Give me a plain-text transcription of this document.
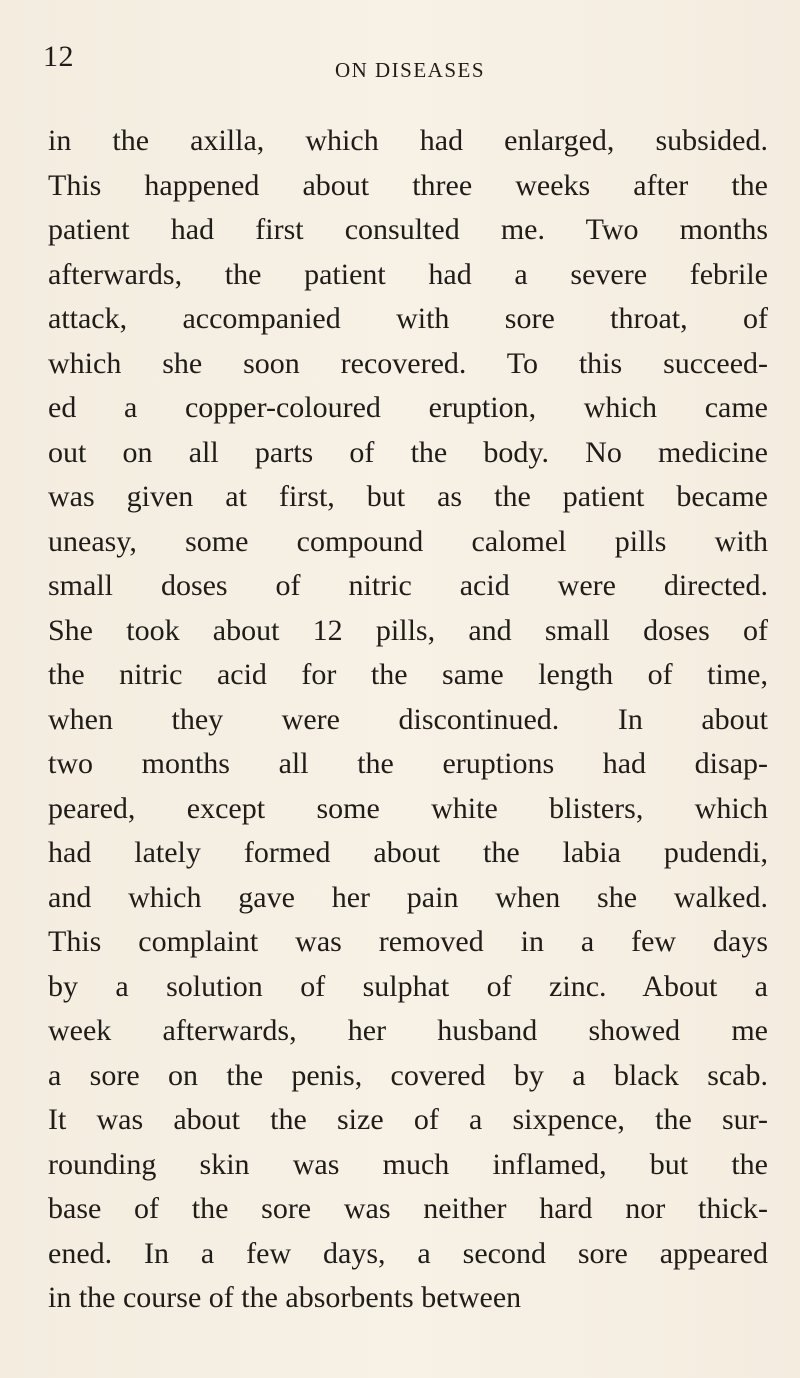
12	ON DISEASES
in the axilla, which had enlarged, subsided.
This happened about three weeks after the
patient had first consulted me. Two months
afterwards, the patient had a severe febrile
attack, accompanied with sore throat, of
which she soon recovered. To this succeed-
ed a copper-coloured eruption, which came
out on all parts of the body. No medicine
was given at first, but as the patient became
uneasy, some compound calomel pills with
small doses of nitric acid were directed.
She took about 12 pills, and small doses of
the nitric acid for the same length of time,
when they were discontinued. In about
two months all the eruptions had disap-
peared, except some white blisters, which
had lately formed about the labia pudendi,
and which gave her pain when she walked.
This complaint was removed in a few days
by a solution of sulphat of zinc. About a
week afterwards, her husband showed me
a sore on the penis, covered by a black scab.
It was about the size of a sixpence, the sur-
rounding skin was much inflamed, but the
base of the sore was neither hard nor thick-
ened. In a few days, a second sore appeared
in the course of the absorbents between
